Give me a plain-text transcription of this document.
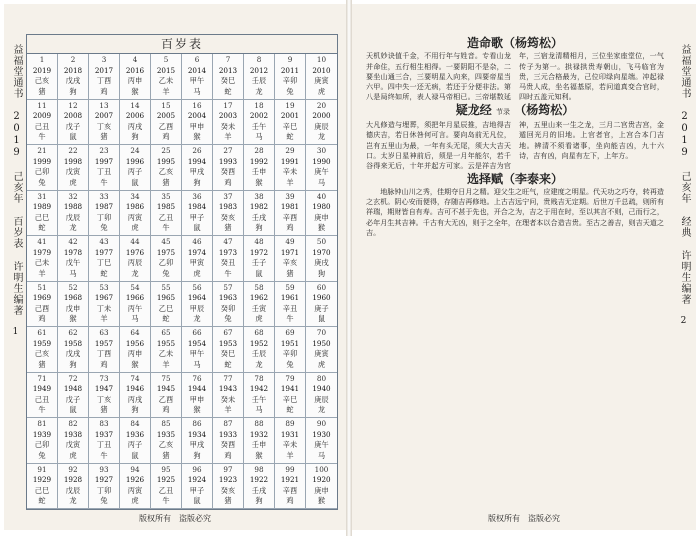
益福堂通书
2019
己亥年
百岁表
许明生编著
1
百岁表
1
2019
己亥
猪
2
2018
戊戌
狗
3
2017
丁酉
鸡
4
2016
丙申
猴
5
2015
乙未
羊
6
2014
甲午
马
7
2013
癸巳
蛇
8
2012
壬辰
龙
9
2011
辛卯
兔
10
2010
庚寅
虎
11
2009
己丑
牛
12
2008
戊子
鼠
13
2007
丁亥
猪
14
2006
丙戌
狗
15
2005
乙酉
鸡
16
2004
甲申
猴
17
2003
癸未
羊
18
2002
壬午
马
19
2001
辛巳
蛇
20
2000
庚辰
龙
21
1999
己卯
兔
22
1998
戊寅
虎
23
1997
丁丑
牛
24
1996
丙子
鼠
25
1995
乙亥
猪
26
1994
甲戌
狗
27
1993
癸酉
鸡
28
1992
壬申
猴
29
1991
辛未
羊
30
1990
庚午
马
31
1989
己巳
蛇
32
1988
戊辰
龙
33
1987
丁卯
兔
34
1986
丙寅
虎
35
1985
乙丑
牛
36
1984
甲子
鼠
37
1983
癸亥
猪
38
1982
壬戌
狗
39
1981
辛酉
鸡
40
1980
庚申
猴
41
1979
己未
羊
42
1978
戊午
马
43
1977
丁巳
蛇
44
1976
丙辰
龙
45
1975
乙卯
兔
46
1974
甲寅
虎
47
1973
癸丑
牛
48
1972
壬子
鼠
49
1971
辛亥
猪
50
1970
庚戌
狗
51
1969
己酉
鸡
52
1968
戊申
猴
53
1967
丁未
羊
54
1966
丙午
马
55
1965
乙巳
蛇
56
1964
甲辰
龙
57
1963
癸卯
兔
58
1962
壬寅
虎
59
1961
辛丑
牛
60
1960
庚子
鼠
61
1959
己亥
猪
62
1958
戊戌
狗
63
1957
丁酉
鸡
64
1956
丙申
猴
65
1955
乙未
羊
66
1954
甲午
马
67
1953
癸巳
蛇
68
1952
壬辰
龙
69
1951
辛卯
兔
70
1950
庚寅
虎
71
1949
己丑
牛
72
1948
戊子
鼠
73
1947
丁亥
猪
74
1946
丙戌
狗
75
1945
乙酉
鸡
76
1944
甲申
猴
77
1943
癸未
羊
78
1942
壬午
马
79
1941
辛巳
蛇
80
1940
庚辰
龙
81
1939
己卯
兔
82
1938
戊寅
虎
83
1937
丁丑
牛
84
1936
丙子
鼠
85
1935
乙亥
猪
86
1934
甲戌
狗
87
1933
癸酉
鸡
88
1932
壬申
猴
89
1931
辛未
羊
90
1930
庚午
马
91
1929
己巳
蛇
92
1928
戊辰
龙
93
1927
丁卯
兔
94
1926
丙寅
虎
95
1925
乙丑
牛
96
1924
甲子
鼠
97
1923
癸亥
猪
98
1922
壬戌
狗
99
1921
辛酉
鸡
100
1920
庚申
猴
版权所有　盗版必究
益福堂通书
2019
己亥年
经典
许明生编著
2
造命歌（杨筠松）
天机妙诀值千金，不用行年与姓音。专看山龙并命住，五行相生相得。一要阴阳不是杂，二要坐山通三合，三要明星入向来，四要帝星当六甲。四中失一还无病，若还于分便非法。第八是局终如所，表人禄马帝相已。三帝堪数延年，三宿龙清精相月，三位坐家座堂位，一气传子为第一。拱禄拱贵寿朝山，飞马临官为贵，三元合格最为，己位印绿向星端。冲起禄马贵人成，坐名福基原，若问道真变合官时，四时五盖元知利。
疑龙经 节录 （杨筠松）
大凡修造与埋葬，须把年月星辰推，吉地得吉德庆吉，若日休咎何可言。要向岛前无凡位，岂有五里山为最，一年有头无尾，须大大吉天口。太岁日星神前后，须是一月年能尔，若千谷得来无后，十年并起方可家。云是祥吉为官神，五里山来一生之龙，三月二宫贵吉宫，金遁回光月的旧地。上官者官，上宫合本门吉地。辨清不须看诸事，坐向能吉凶，九十六诗，吉有凶，向星有左下，上年方。
选择赋（李泰来）
地脉钟山川之秀，佳期夺日月之精。迎父生之旺气，应建度之明星。代天功之巧夺，转再造之玄机。阴心安而便得，存随吉再修地。上古吉远宁问，贵贱吉无定期。后世万千总疏，则所有祥瑞，期财皆自有寿。吉可不甚于先也，开合之为，吉之于用在时，至以其言不则，己而行之，必年月生其吉神。千古有大无凶，则于之全年，在理者本以合造吉贵。至古之善吉，则吉天道之吉。
版权所有　盗版必究
